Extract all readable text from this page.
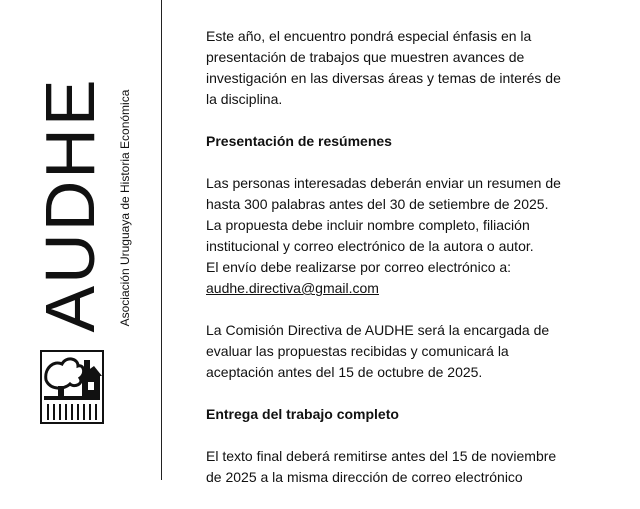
AUDHE Asociación Uruguaya de Historia Económica

Este año, el encuentro pondrá especial énfasis en la
presentación de trabajos que muestren avances de
investigación en las diversas áreas y temas de interés de
la disciplina.

Presentación de resúmenes

Las personas interesadas deberán enviar un resumen de
hasta 300 palabras antes del 30 de setiembre de 2025.
La propuesta debe incluir nombre completo, filiación
institucional y correo electrónico de la autora o autor.
El envío debe realizarse por correo electrónico a:
audhe.directiva@gmail.com

La Comisión Directiva de AUDHE será la encargada de
evaluar las propuestas recibidas y comunicará la
aceptación antes del 15 de octubre de 2025.

Entrega del trabajo completo

El texto final deberá remitirse antes del 15 de noviembre
de 2025 a la misma dirección de correo electrónico
